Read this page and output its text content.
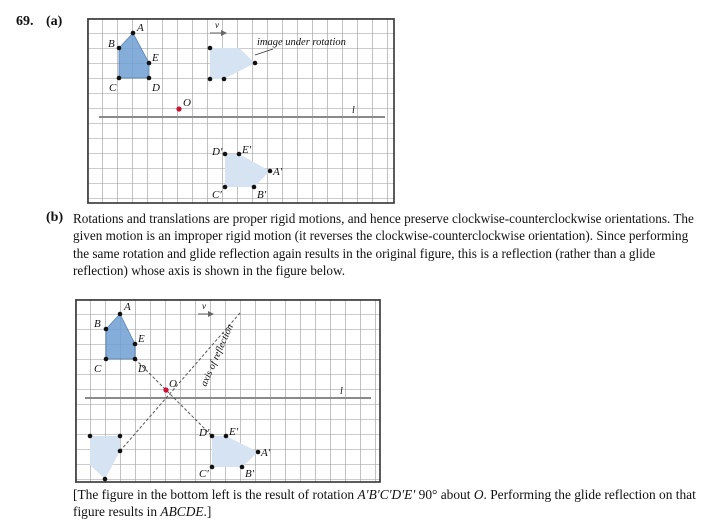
69. (a)	A
B
C	D
E
O
v
l
image under rotation
D′ E′
A′
C′	B′
(b) Rotations and translations are proper rigid motions, and hence preserve clockwise-counterclockwise orientations. The given motion is an improper rigid motion (it reverses the clockwise-counterclockwise orientation). Since performing the same rotation and glide reflection again results in the original figure, this is a reflection (rather than a glide reflection) whose axis is shown in the figure below.
A
B
C	D
E
O
v
l
axis of reflection
D′ E′
A′
C′	B′
[The figure in the bottom left is the result of rotation A′B′C′D′E′ 90° about O. Performing the glide reflection on that figure results in ABCDE.]
